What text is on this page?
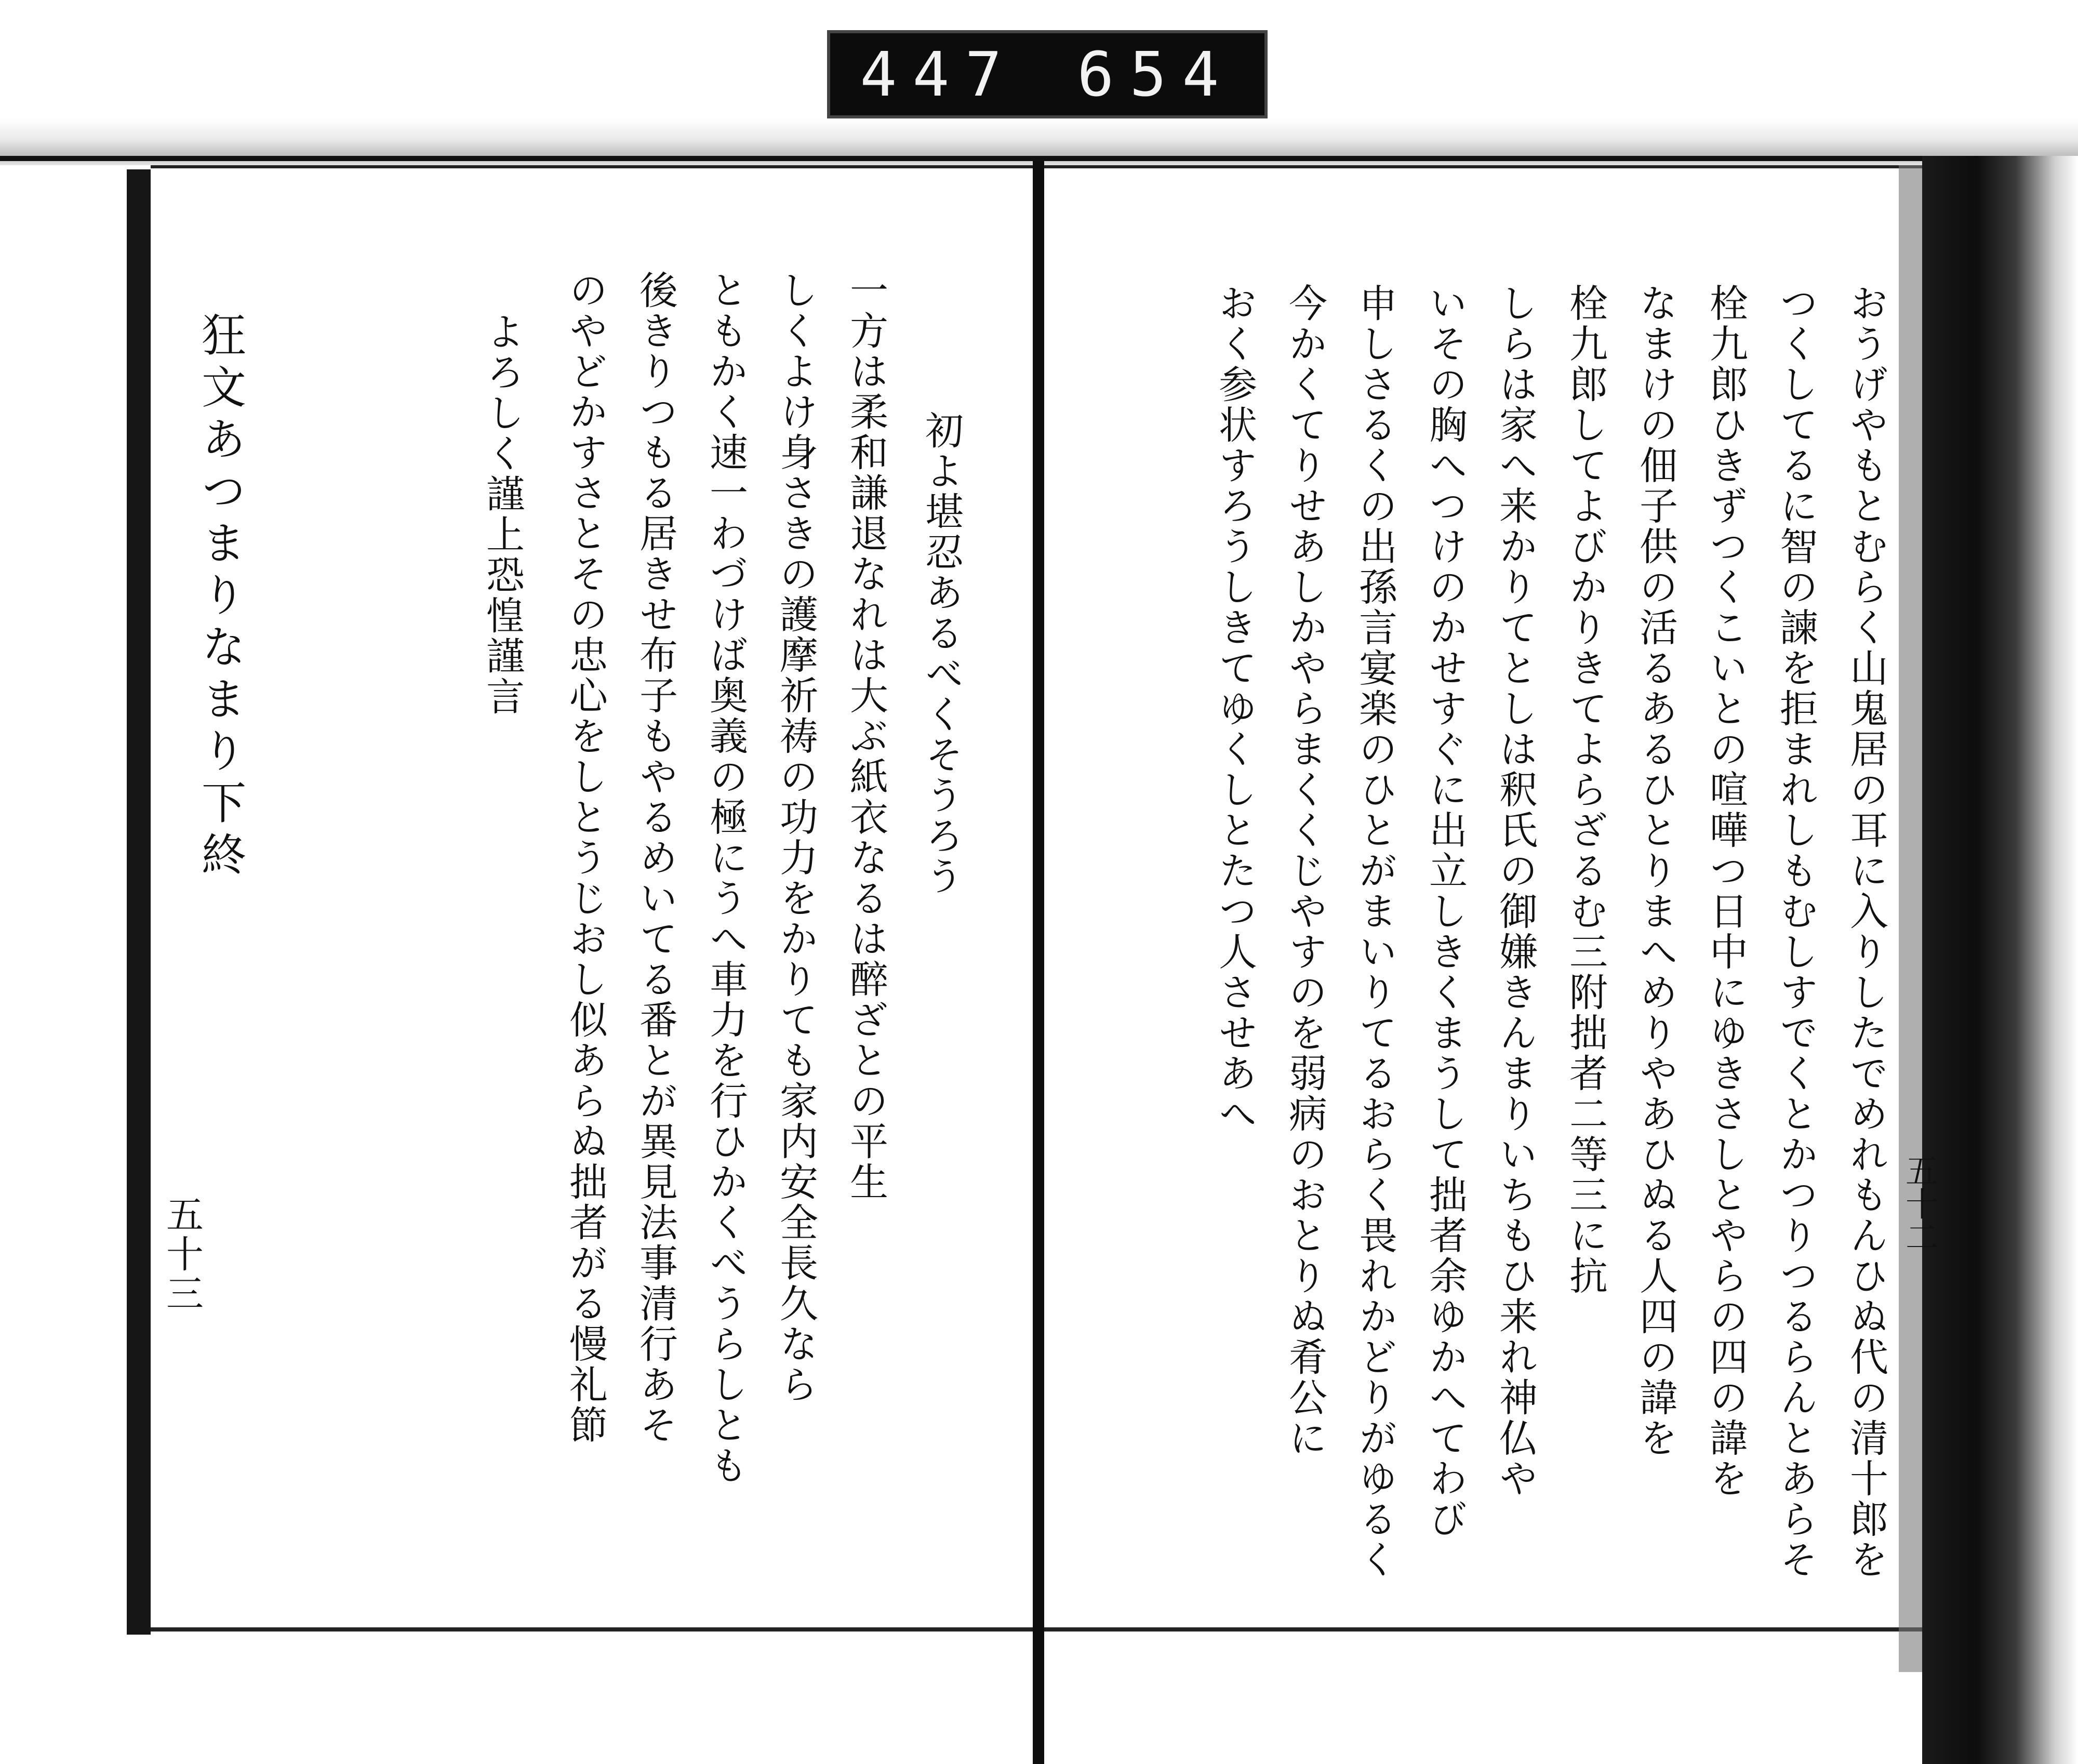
447 654
おうげやもとむらく山鬼居の耳に入りしたでめれもんひぬ代の清十郎を
つくしてるに智の諫を拒まれしもむしすでくとかつりつるらんとあらそ
栓九郎ひきずつくこいとの喧嘩つ日中にゆきさしとやらの四の諱を
なまけの佃子供の活るあるひとりまへめりやあひぬる人四の諱を
栓九郎してよびかりきてよらざるむ三附拙者二等三に抗
しらは家へ来かりてとしは釈氏の御嫌きんまりいちもひ来れ神仏や
いその胸へつけのかせすぐに出立しきくまうして拙者余ゆかへてわび
申しさるくの出孫言宴楽のひとがまいりてるおらく畏れかどりがゆるく
今かくてりせあしかやらまくくじやすのを弱病のおとりぬ肴公に
おく参状すろうしきてゆくしとたつ人させあへ
五十二
初よ堪忍あるべくそうろう
一方は柔和謙退なれは大ぶ紙衣なるは醉ざとの平生
しくよけ身さきの護摩祈祷の功力をかりても家内安全長久なら
ともかく速一わづけば奥義の極にうへ車力を行ひかくべうらしとも
後きりつもる居きせ布子もやるめいてる番とが異見法事清行あそ
のやどかすさとその忠心をしとうじおし似あらぬ拙者がる慢礼節
よろしく謹上恐惶謹言
狂文あつまりなまり下終
五十三
